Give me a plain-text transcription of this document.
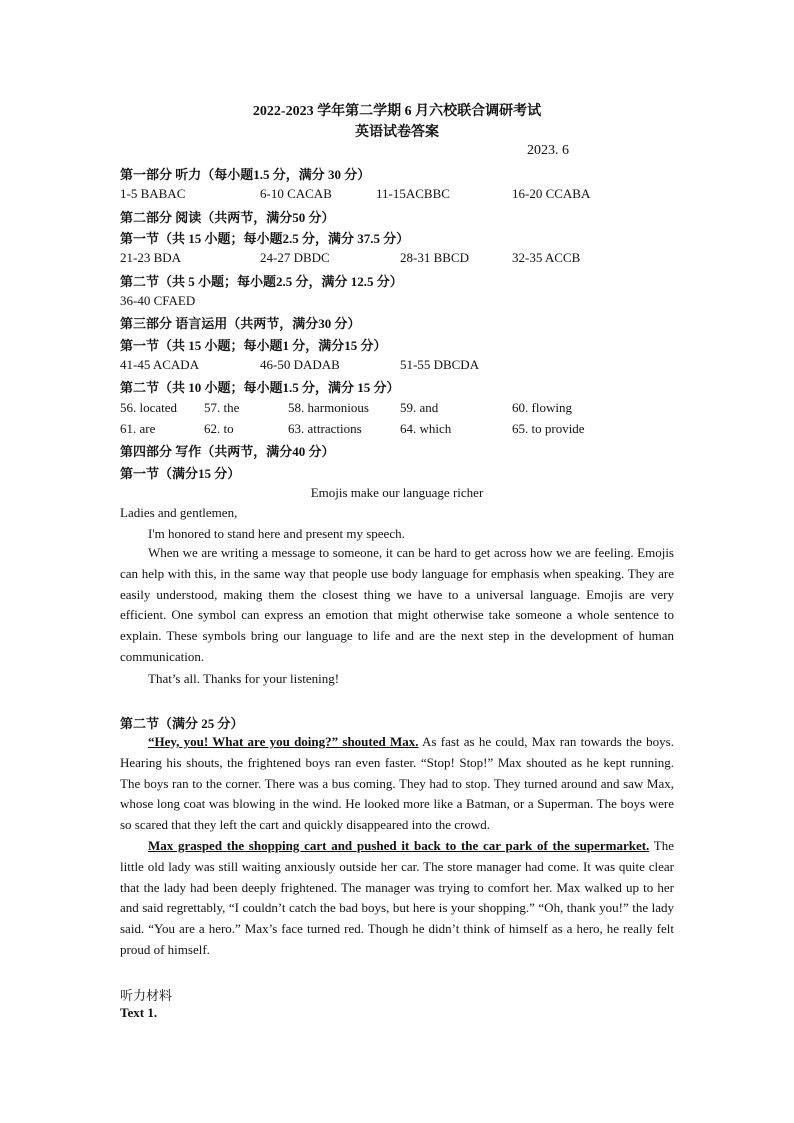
2022-2023 学年第二学期 6 月六校联合调研考试
英语试卷答案
2023. 6
第一部分 听力（每小题1.5 分，满分 30 分）
1-5 BABAC	6-10 CACAB	11-15ACBBC	16-20 CCABA
第二部分 阅读（共两节，满分50 分）
第一节（共 15 小题；每小题2.5 分，满分 37.5 分）
21-23 BDA	24-27 DBDC	28-31 BBCD	32-35 ACCB
第二节（共 5 小题；每小题2.5 分，满分 12.5 分）
36-40 CFAED
第三部分 语言运用（共两节，满分30 分）
第一节（共 15 小题；每小题1 分，满分15 分）
41-45 ACADA	46-50 DADAB	51-55 DBCDA
第二节（共 10 小题；每小题1.5 分，满分 15 分）
56. located 57. the	58. harmonious 59. and	60. flowing
61. are	62. to	63. attractions	64. which	65. to provide
第四部分 写作（共两节，满分40 分）
第一节（满分15 分）
Emojis make our language richer
Ladies and gentlemen,
I'm honored to stand here and present my speech.

When we are writing a message to someone, it can be hard to get across how we are feeling. Emojis can help with this, in the same way that people use body language for emphasis when speaking. They are easily understood, making them the closest thing we have to a universal language. Emojis are very efficient. One symbol can express an emotion that might otherwise take someone a whole sentence to explain. These symbols bring our language to life and are the next step in the development of human communication.

That’s all. Thanks for your listening!
第二节（满分 25 分）

“Hey, you! What are you doing?” shouted Max. As fast as he could, Max ran towards the boys. Hearing his shouts, the frightened boys ran even faster. “Stop! Stop!” Max shouted as he kept running. The boys ran to the corner. There was a bus coming. They had to stop. They turned around and saw Max, whose long coat was blowing in the wind. He looked more like a Batman, or a Superman. The boys were so scared that they left the cart and quickly disappeared into the crowd.

Max grasped the shopping cart and pushed it back to the car park of the supermarket. The little old lady was still waiting anxiously outside her car. The store manager had come. It was quite clear that the lady had been deeply frightened. The manager was trying to comfort her. Max walked up to her and said regrettably, “I couldn’t catch the bad boys, but here is your shopping.” “Oh, thank you!” the lady said. “You are a hero.” Max’s face turned red. Though he didn’t think of himself as a hero, he really felt proud of himself.

听力材料
Text 1.
